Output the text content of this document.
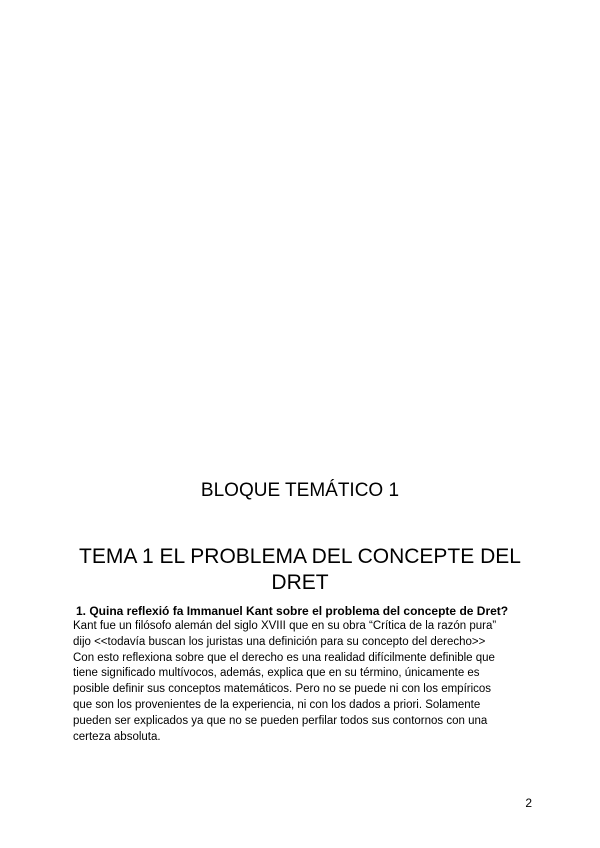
BLOQUE TEMÁTICO 1
TEMA 1 EL PROBLEMA DEL CONCEPTE DEL DRET
1. Quina reflexió fa Immanuel Kant sobre el problema del concepte de Dret?
Kant fue un filósofo alemán del siglo XVIII que en su obra “Crítica de la razón pura”
dijo <<todavía buscan los juristas una definición para su concepto del derecho>>
Con esto reflexiona sobre que el derecho es una realidad difícilmente definible que
tiene significado multívocos, además, explica que en su término, únicamente es
posible definir sus conceptos matemáticos. Pero no se puede ni con los empíricos
que son los provenientes de la experiencia, ni con los dados a priori. Solamente
pueden ser explicados ya que no se pueden perfilar todos sus contornos con una
certeza absoluta.
2
